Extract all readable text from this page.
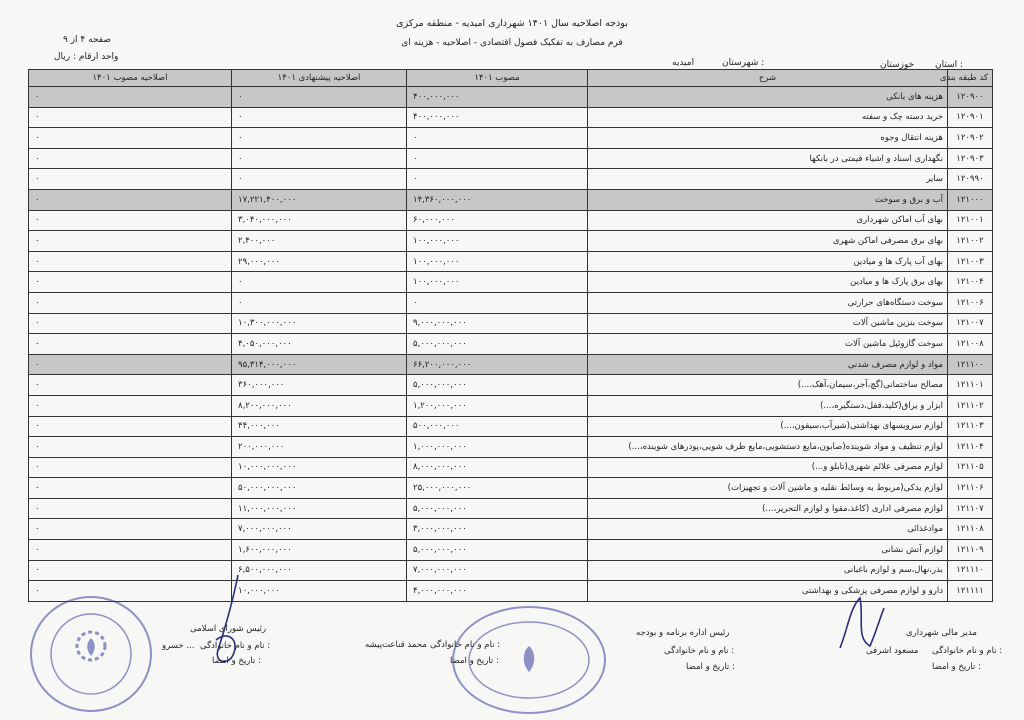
بودجه اصلاحیه سال ۱۴۰۱ شهرداری امیدیه - منطقه مرکزی
فرم مصارف به تفکیک فصول اقتصادی - اصلاحیه - هزینه ای
صفحه ۴ از ۹
واحد ارقام : ریال
استان :
خوزستان
شهرستان :
امیدیه
کد طبقه بندی	شرح	مصوب ۱۴۰۱	اصلاحیه پیشنهادی ۱۴۰۱	اصلاحیه مصوب ۱۴۰۱
۱۲۰۹۰۰	هزینه های بانکی	۴۰۰,۰۰۰,۰۰۰	۰	۰
۱۲۰۹۰۱	خرید دسته چک و سفته	۴۰۰,۰۰۰,۰۰۰	۰	۰
۱۲۰۹۰۲	هزینه انتقال وجوه	۰	۰	۰
۱۲۰۹۰۳	نگهداری اسناد و اشیاء قیمتی در بانکها	۰	۰	۰
۱۲۰۹۹۰	سایر	۰	۰	۰
۱۲۱۰۰۰	آب و برق و سوخت	۱۴,۳۶۰,۰۰۰,۰۰۰	۱۷,۲۲۱,۴۰۰,۰۰۰	۰
۱۲۱۰۰۱	بهای آب اماکن شهرداری	۶۰,۰۰۰,۰۰۰	۳,۰۴۰,۰۰۰,۰۰۰	۰
۱۲۱۰۰۲	بهای برق مصرفی اماکن شهری	۱۰۰,۰۰۰,۰۰۰	۲,۴۰۰,۰۰۰	۰
۱۲۱۰۰۳	بهای آب پارک ها و میادین	۱۰۰,۰۰۰,۰۰۰	۲۹,۰۰۰,۰۰۰	۰
۱۲۱۰۰۴	بهای برق پارک ها و میادین	۱۰۰,۰۰۰,۰۰۰	۰	۰
۱۲۱۰۰۶	سوخت دستگاه‌های حرارتی	۰	۰	۰
۱۲۱۰۰۷	سوخت بنزین ماشین آلات	۹,۰۰۰,۰۰۰,۰۰۰	۱۰,۳۰۰,۰۰۰,۰۰۰	۰
۱۲۱۰۰۸	سوخت گازوئیل ماشین آلات	۵,۰۰۰,۰۰۰,۰۰۰	۴,۰۵۰,۰۰۰,۰۰۰	۰
۱۲۱۱۰۰	مواد و لوازم مصرف شدنی	۶۶,۲۰۰,۰۰۰,۰۰۰	۹۵,۳۱۴,۰۰۰,۰۰۰	۰
۱۲۱۱۰۱	مصالح ساختمانی(گچ،آجر،سیمان،آهک....)	۵,۰۰۰,۰۰۰,۰۰۰	۳۶۰,۰۰۰,۰۰۰	۰
۱۲۱۱۰۲	ابزار و یراق(کلید،قفل،دستگیره،...)	۱,۲۰۰,۰۰۰,۰۰۰	۸,۲۰۰,۰۰۰,۰۰۰	۰
۱۲۱۱۰۳	لوازم سرویسهای بهداشتی(شیرآب،سیفون،...)	۵۰۰,۰۰۰,۰۰۰	۴۴,۰۰۰,۰۰۰	۰
۱۲۱۱۰۴	لوازم تنظیف و مواد شوینده(صابون،مایع دستشویی،مایع ظرف شویی،پودرهای شوینده،...)	۱,۰۰۰,۰۰۰,۰۰۰	۲۰۰,۰۰۰,۰۰۰	۰
۱۲۱۱۰۵	لوازم مصرفی علائم شهری(تابلو و...)	۸,۰۰۰,۰۰۰,۰۰۰	۱۰,۰۰۰,۰۰۰,۰۰۰	۰
۱۲۱۱۰۶	لوازم یدکی(مربوط به وسائط نقلیه و ماشین آلات و تجهیزات)	۲۵,۰۰۰,۰۰۰,۰۰۰	۵۰,۰۰۰,۰۰۰,۰۰۰	۰
۱۲۱۱۰۷	لوازم مصرفی اداری (کاغذ،مقوا و لوازم التحریر،...)	۵,۰۰۰,۰۰۰,۰۰۰	۱۱,۰۰۰,۰۰۰,۰۰۰	۰
۱۲۱۱۰۸	موادغذائی	۳,۰۰۰,۰۰۰,۰۰۰	۷,۰۰۰,۰۰۰,۰۰۰	۰
۱۲۱۱۰۹	لوازم آتش نشانی	۵,۰۰۰,۰۰۰,۰۰۰	۱,۶۰۰,۰۰۰,۰۰۰	۰
۱۲۱۱۱۰	بذر،نهال،سم و لوازم باغبانی	۷,۰۰۰,۰۰۰,۰۰۰	۶,۵۰۰,۰۰۰,۰۰۰	۰
۱۲۱۱۱۱	دارو و لوازم مصرفی پزشکی و بهداشتی	۴,۰۰۰,۰۰۰,۰۰۰	۱۰,۰۰۰,۰۰۰	۰
مدیر مالی شهرداری
نام و نام خانوادگی :
مسعود اشرفی
تاریخ و امضا :
رئیس اداره برنامه و بودجه
نام و نام خانوادگی :
تاریخ و امضا :
نام و نام خانوادگی :
محمد قناعت‌پیشه
تاریخ و امضا :
رئیس شورای اسلامی
نام و نام خانوادگی :
خسرو ...
تاریخ و امضا :
